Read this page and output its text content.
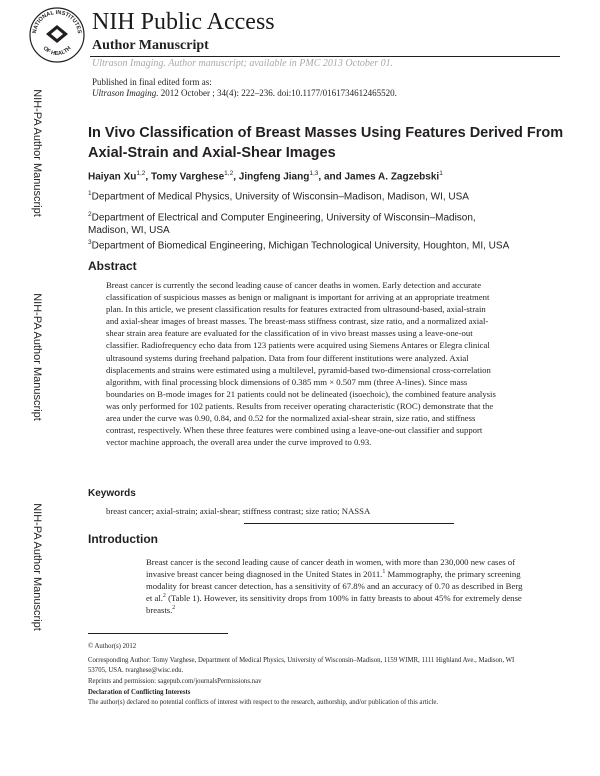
NATIONAL INSTITUTES
OF HEALTH
NIH Public Access
Author Manuscript
Ultrason Imaging. Author manuscript; available in PMC 2013 October 01.
Published in final edited form as:
Ultrason Imaging. 2012 October ; 34(4): 222–236. doi:10.1177/0161734612465520.
NIH-PA Author Manuscript
NIH-PA Author Manuscript
NIH-PA Author Manuscript
In Vivo Classification of Breast Masses Using Features Derived From Axial-Strain and Axial-Shear Images
Haiyan Xu$^{1,2}$, Tomy Varghese$^{1,2}$, Jingfeng Jiang$^{1,3}$, and James A. Zagzebski$^1$
$^1$Department of Medical Physics, University of Wisconsin–Madison, Madison, WI, USA
$^2$Department of Electrical and Computer Engineering, University of Wisconsin–Madison, Madison, WI, USA
$^3$Department of Biomedical Engineering, Michigan Technological University, Houghton, MI, USA
Abstract

Breast cancer is currently the second leading cause of cancer deaths in women. Early detection and accurate classification of suspicious masses as benign or malignant is important for arriving at an appropriate treatment plan. In this article, we present classification results for features extracted from ultrasound-based, axial-strain and axial-shear images of breast masses. The breast-mass stiffness contrast, size ratio, and a normalized axial-shear strain area feature are evaluated for the classification of in vivo breast masses using a leave-one-out classifier. Radiofrequency echo data from 123 patients were acquired using Siemens Antares or Elegra clinical ultrasound systems during freehand palpation. Data from four different institutions were analyzed. Axial displacements and strains were estimated using a multilevel, pyramid-based two-dimensional cross-correlation algorithm, with final processing block dimensions of 0.385 mm × 0.507 mm (three A-lines). Since mass boundaries on B-mode images for 21 patients could not be delineated (isoechoic), the combined feature analysis was only performed for 102 patients. Results from receiver operating characteristic (ROC) demonstrate that the area under the curve was 0.90, 0.84, and 0.52 for the normalized axial-shear strain, size ratio, and stiffness contrast, respectively. When these three features were combined using a leave-one-out classifier and support vector machine approach, the overall area under the curve improved to 0.93.

Keywords
breast cancer; axial-strain; axial-shear; stiffness contrast; size ratio; NASSA
Introduction

Breast cancer is the second leading cause of cancer death in women, with more than 230,000 new cases of invasive breast cancer being diagnosed in the United States in 2011.$^1$ Mammography, the primary screening modality for breast cancer detection, has a sensitivity of 67.8% and an accuracy of 0.70 as described in Berg et al.$^2$ (Table 1). However, its sensitivity drops from 100% in fatty breasts to about 45% for extremely dense breasts.$^2$

© Author(s) 2012
Corresponding Author: Tomy Varghese, Department of Medical Physics, University of Wisconsin–Madison, 1159 WIMR, 1111 Highland Ave., Madison, WI 53705, USA. tvarghese@wisc.edu.
Reprints and permission: sagepub.com/journalsPermissions.nav
Declaration of Conflicting Interests
The author(s) declared no potential conflicts of interest with respect to the research, authorship, and/or publication of this article.
